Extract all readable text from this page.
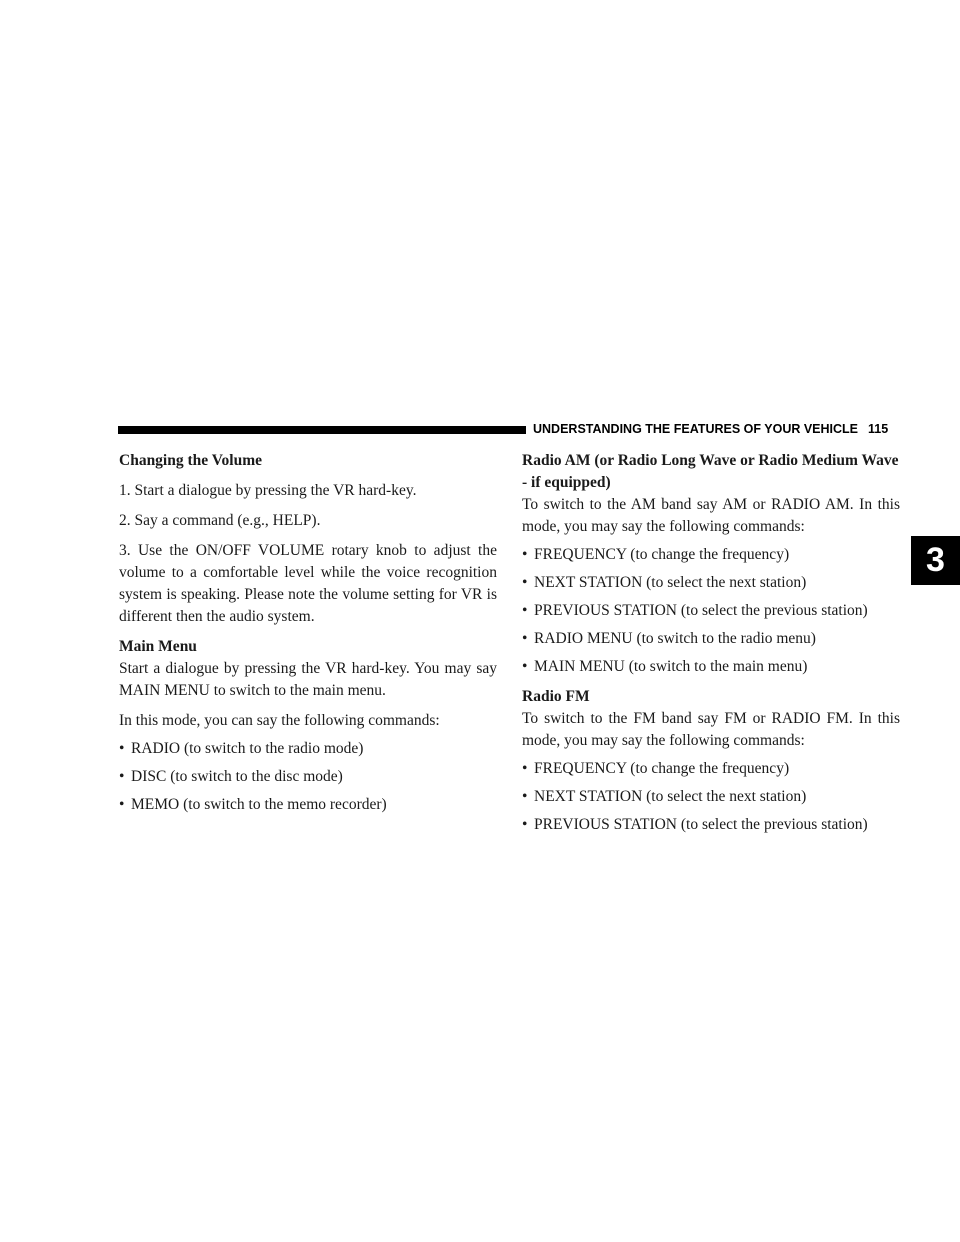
UNDERSTANDING THE FEATURES OF YOUR VEHICLE 115
Changing the Volume

1. Start a dialogue by pressing the VR hard-key.

2. Say a command (e.g., HELP).

3. Use the ON/OFF VOLUME rotary knob to adjust the volume to a comfortable level while the voice recognition system is speaking. Please note the volume setting for VR is different then the audio system.

Main Menu

Start a dialogue by pressing the VR hard-key. You may say MAIN MENU to switch to the main menu.

In this mode, you can say the following commands:

• RADIO (to switch to the radio mode)
• DISC (to switch to the disc mode)
• MEMO (to switch to the memo recorder)
Radio AM (or Radio Long Wave or Radio Medium Wave - if equipped)

To switch to the AM band say AM or RADIO AM. In this mode, you may say the following commands:

• FREQUENCY (to change the frequency)
• NEXT STATION (to select the next station)
• PREVIOUS STATION (to select the previous station)
• RADIO MENU (to switch to the radio menu)
• MAIN MENU (to switch to the main menu)
Radio FM

To switch to the FM band say FM or RADIO FM. In this mode, you may say the following commands:

• FREQUENCY (to change the frequency)
• NEXT STATION (to select the next station)
• PREVIOUS STATION (to select the previous station)
3
